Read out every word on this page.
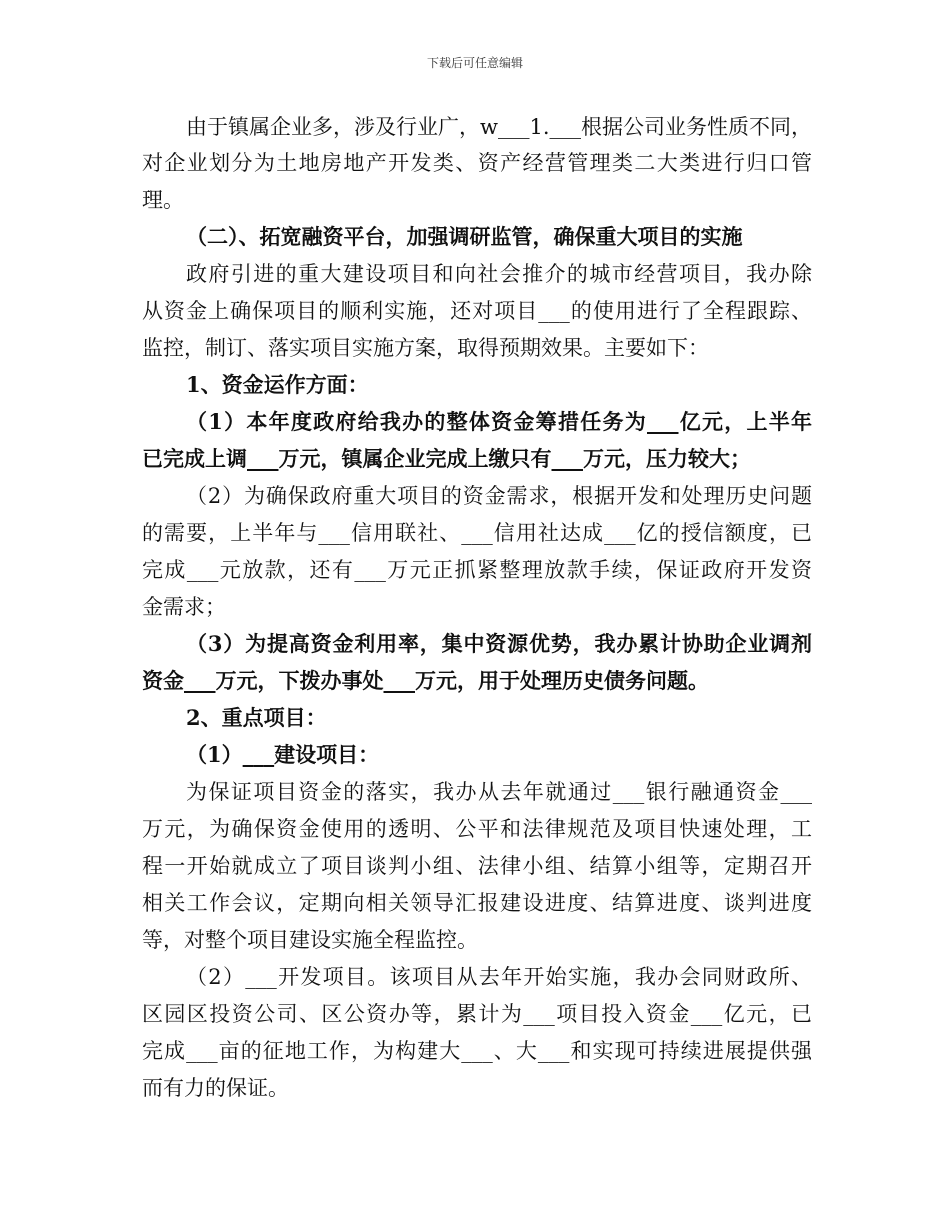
下载后可任意编辑
由于镇属企业多，涉及行业广，w___1.___根据公司业务性质不同，
对企业划分为土地房地产开发类、资产经营管理类二大类进行归口管
理。
（二）、拓宽融资平台，加强调研监管，确保重大项目的实施
政府引进的重大建设项目和向社会推介的城市经营项目，我办除
从资金上确保项目的顺利实施，还对项目___的使用进行了全程跟踪、
监控，制订、落实项目实施方案，取得预期效果。主要如下：
1、资金运作方面：
（1）本年度政府给我办的整体资金筹措任务为___亿元，上半年
已完成上调___万元，镇属企业完成上缴只有___万元，压力较大；
（2）为确保政府重大项目的资金需求，根据开发和处理历史问题
的需要，上半年与___信用联社、___信用社达成___亿的授信额度，已
完成___元放款，还有___万元正抓紧整理放款手续，保证政府开发资
金需求；
（3）为提高资金利用率，集中资源优势，我办累计协助企业调剂
资金___万元，下拨办事处___万元，用于处理历史债务问题。
2、重点项目：
（1）___建设项目：
为保证项目资金的落实，我办从去年就通过___银行融通资金___
万元，为确保资金使用的透明、公平和法律规范及项目快速处理，工
程一开始就成立了项目谈判小组、法律小组、结算小组等，定期召开
相关工作会议，定期向相关领导汇报建设进度、结算进度、谈判进度
等，对整个项目建设实施全程监控。
（2）___开发项目。该项目从去年开始实施，我办会同财政所、
区园区投资公司、区公资办等，累计为___项目投入资金___亿元，已
完成___亩的征地工作，为构建大___、大___和实现可持续进展提供强
而有力的保证。
